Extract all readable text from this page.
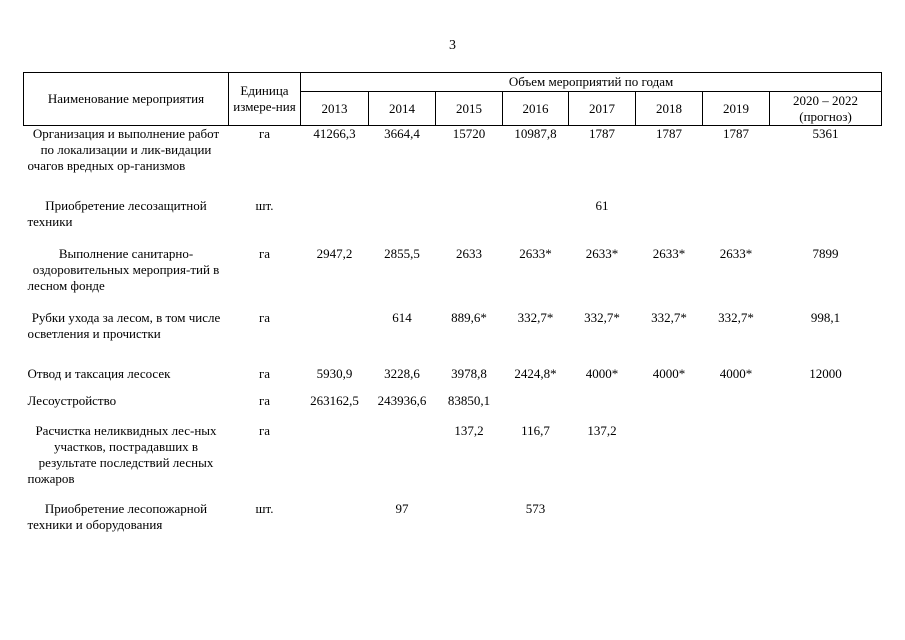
3
Наименование мероприятия	Единица измере-ния	Объем мероприятий по годам							
		2013	2014	2015	2016	2017	2018	2019	2020 – 2022 (прогноз)
Организация и выполнение работ по локализации и лик-видации очагов вредных ор-ганизмов	га	41266,3	3664,4	15720	10987,8	1787	1787	1787	5361
Приобретение лесозащитной техники	шт.					61			
Выполнение санитарно-оздоровительных мероприя-тий в лесном фонде	га	2947,2	2855,5	2633	2633*	2633*	2633*	2633*	7899
Рубки ухода за лесом, в том числе осветления и прочистки	га		614	889,6*	332,7*	332,7*	332,7*	332,7*	998,1
Отвод и таксация лесосек	га	5930,9	3228,6	3978,8	2424,8*	4000*	4000*	4000*	12000
Лесоустройство	га	263162,5	243936,6	83850,1					
Расчистка неликвидных лес-ных участков, пострадавших в результате последствий лесных пожаров	га			137,2	116,7	137,2			
Приобретение лесопожарной техники и оборудования	шт.		97		573				
